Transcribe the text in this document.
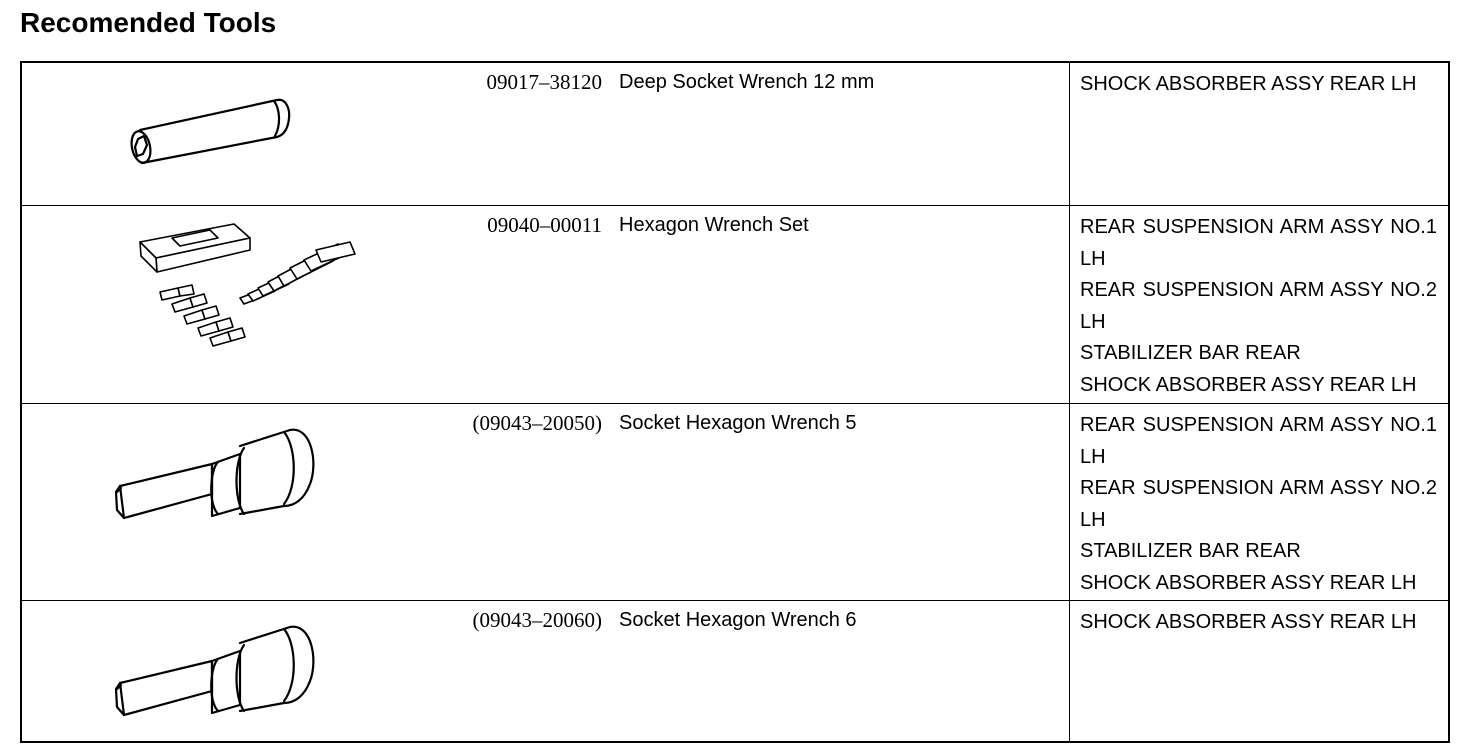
Recomended Tools
09017–38120 Deep Socket Wrench 12 mm	SHOCK ABSORBER ASSY REAR LH
09040–00011 Hexagon Wrench Set	REAR SUSPENSION ARM ASSY NO.1 LH
REAR SUSPENSION ARM ASSY NO.2 LH
STABILIZER BAR REAR
SHOCK ABSORBER ASSY REAR LH
(09043–20050) Socket Hexagon Wrench 5	REAR SUSPENSION ARM ASSY NO.1 LH
REAR SUSPENSION ARM ASSY NO.2 LH
STABILIZER BAR REAR
SHOCK ABSORBER ASSY REAR LH
(09043–20060) Socket Hexagon Wrench 6	SHOCK ABSORBER ASSY REAR LH
